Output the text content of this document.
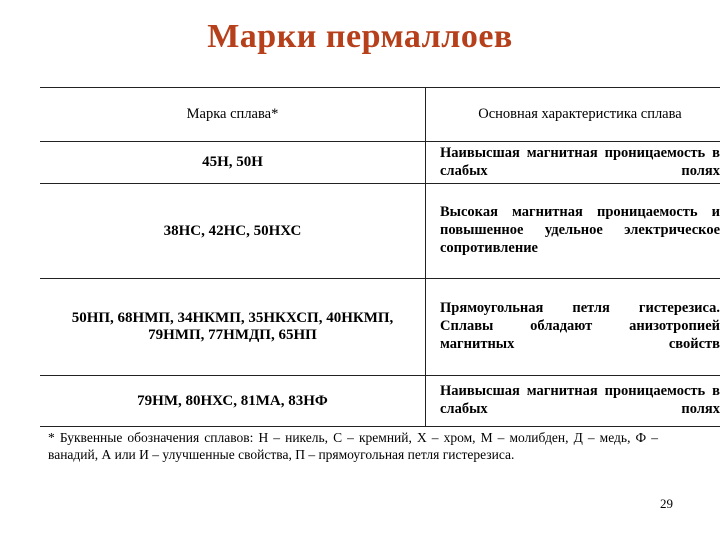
Марки пермаллоев
Марка сплава*	Основная характеристика сплава
45Н, 50Н	Наивысшая магнитная проницаемость в слабых полях
38НС, 42НС, 50НХС	Высокая магнитная проницаемость и повышенное удельное электрическое сопротивление
50НП, 68НМП, 34НКМП, 35НКХСП, 40НКМП, 79НМП, 77НМДП, 65НП	Прямоугольная петля гистерезиса. Сплавы обладают анизотропией магнитных свойств
79НМ, 80НХС, 81МА, 83НФ	Наивысшая магнитная проницаемость в слабых полях
* Буквенные обозначения сплавов: Н – никель, С – кремний, Х – хром, М – молибден, Д – медь, Ф – ванадий, А или И – улучшенные свойства, П – прямоугольная петля гистерезиса.
29
